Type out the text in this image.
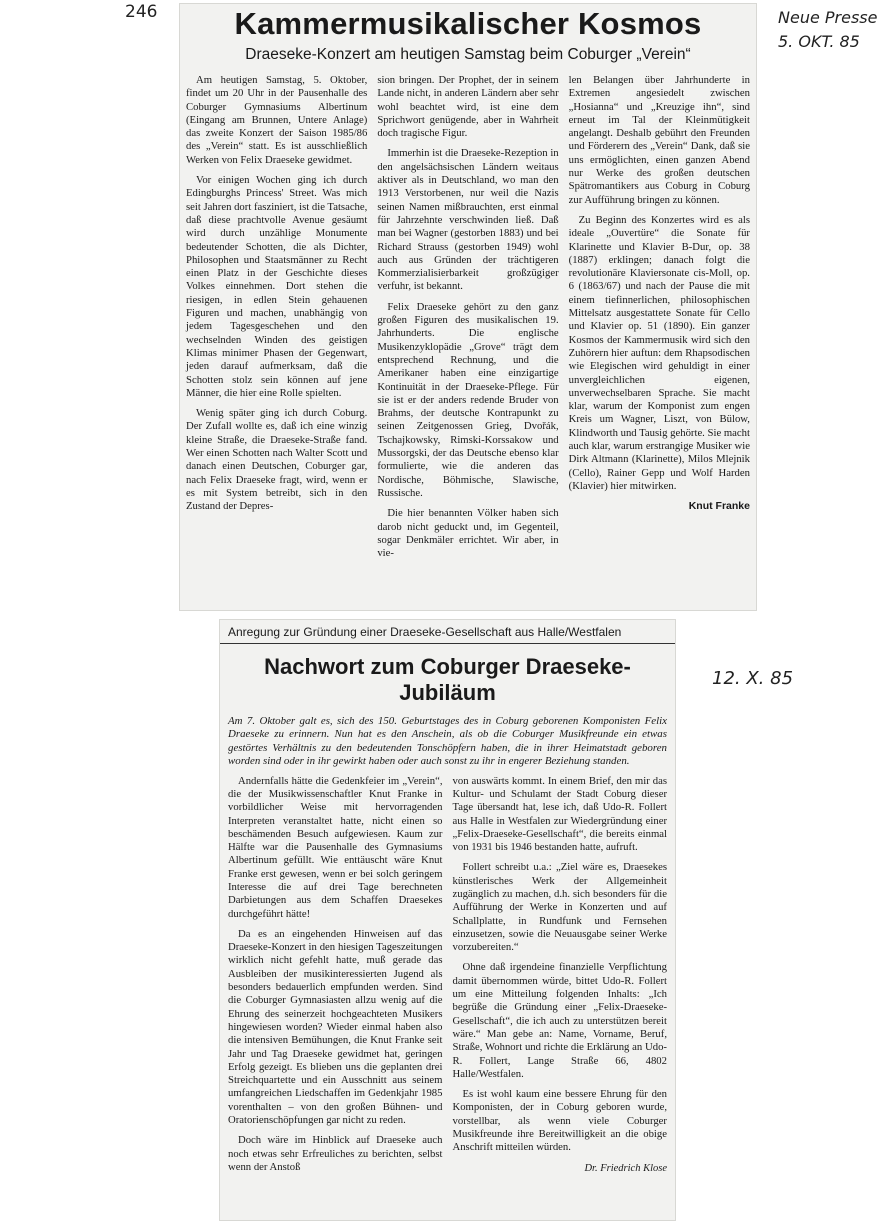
246	Neue Presse 5. OKT. 85
12. X. 85
Kammermusikalischer Kosmos
Draeseke-Konzert am heutigen Samstag beim Coburger „Verein“

Am heutigen Samstag, 5. Oktober, findet um 20 Uhr in der Pausenhalle des Coburger Gymnasiums Albertinum (Eingang am Brunnen, Untere Anlage) das zweite Konzert der Saison 1985/86 des „Verein“ statt. Es ist ausschließlich Werken von Felix Draeseke gewidmet.

Vor einigen Wochen ging ich durch Edingburghs Princess' Street. Was mich seit Jahren dort fasziniert, ist die Tatsache, daß diese prachtvolle Avenue gesäumt wird durch unzählige Monumente bedeutender Schotten, die als Dichter, Philosophen und Staatsmänner zu Recht einen Platz in der Geschichte dieses Volkes einnehmen. Dort stehen die riesigen, in edlen Stein gehauenen Figuren und machen, unabhängig von jedem Tagesgeschehen und den wechselnden Winden des geistigen Klimas minimer Phasen der Gegenwart, jeden darauf aufmerksam, daß die Schotten stolz sein können auf jene Männer, die hier eine Rolle spielten.

Wenig später ging ich durch Coburg. Der Zufall wollte es, daß ich eine winzig kleine Straße, die Draeseke-Straße fand. Wer einen Schotten nach Walter Scott und danach einen Deutschen, Coburger gar, nach Felix Draeseke fragt, wird, wenn er es mit System betreibt, sich in den Zustand der Depres-

sion bringen. Der Prophet, der in seinem Lande nicht, in anderen Ländern aber sehr wohl beachtet wird, ist eine dem Sprichwort genügende, aber in Wahrheit doch tragische Figur.

Immerhin ist die Draeseke-Rezeption in den angelsächsischen Ländern weitaus aktiver als in Deutschland, wo man den 1913 Verstorbenen, nur weil die Nazis seinen Namen mißbrauchten, erst einmal für Jahrzehnte verschwinden ließ. Daß man bei Wagner (gestorben 1883) und bei Richard Strauss (gestorben 1949) wohl auch aus Gründen der trächtigeren Kommerzialisierbarkeit großzügiger verfuhr, ist bekannt.

Felix Draeseke gehört zu den ganz großen Figuren des musikalischen 19. Jahrhunderts. Die englische Musikenzyklopädie „Grove“ trägt dem entsprechend Rechnung, und die Amerikaner haben eine einzigartige Kontinuität in der Draeseke-Pflege. Für sie ist er der anders redende Bruder von Brahms, der deutsche Kontrapunkt zu seinen Zeitgenossen Grieg, Dvořák, Tschajkowsky, Rimski-Korssakow und Mussorgski, der das Deutsche ebenso klar formulierte, wie die anderen das Nordische, Böhmische, Slawische, Russische.

Die hier benannten Völker haben sich darob nicht geduckt und, im Gegenteil, sogar Denkmäler errichtet. Wir aber, in vie-

len Belangen über Jahrhunderte in Extremen angesiedelt zwischen „Hosianna“ und „Kreuzige ihn“, sind erneut im Tal der Kleinmütigkeit angelangt. Deshalb gebührt den Freunden und Förderern des „Verein“ Dank, daß sie uns ermöglichten, einen ganzen Abend nur Werke des großen deutschen Spätromantikers aus Coburg in Coburg zur Aufführung bringen zu können.

Zu Beginn des Konzertes wird es als ideale „Ouvertüre“ die Sonate für Klarinette und Klavier B-Dur, op. 38 (1887) erklingen; danach folgt die revolutionäre Klaviersonate cis-Moll, op. 6 (1863/67) und nach der Pause die mit einem tiefinnerlichen, philosophischen Mittelsatz ausgestattete Sonate für Cello und Klavier op. 51 (1890). Ein ganzer Kosmos der Kammermusik wird sich den Zuhörern hier auftun: dem Rhapsodischen wie Elegischen wird gehuldigt in einer unvergleichlichen eigenen, unverwechselbaren Sprache. Sie macht klar, warum der Komponist zum engen Kreis um Wagner, Liszt, von Bülow, Klindworth und Tausig gehörte. Sie macht auch klar, warum erstrangige Musiker wie Dirk Altmann (Klarinette), Milos Mlejnik (Cello), Rainer Gepp und Wolf Harden (Klavier) hier mitwirken.

Knut Franke
Anregung zur Gründung einer Draeseke-Gesellschaft aus Halle/Westfalen
Nachwort zum Coburger Draeseke-Jubiläum
Am 7. Oktober galt es, sich des 150. Geburtstages des in Coburg geborenen Komponisten Felix Draeseke zu erinnern. Nun hat es den Anschein, als ob die Coburger Musikfreunde ein etwas gestörtes Verhältnis zu den bedeutenden Tonschöpfern haben, die in ihrer Heimatstadt geboren worden sind oder in ihr gewirkt haben oder auch sonst zu ihr in engerer Beziehung standen.

Andernfalls hätte die Gedenkfeier im „Verein“, die der Musikwissenschaftler Knut Franke in vorbildlicher Weise mit hervorragenden Interpreten veranstaltet hatte, nicht einen so beschämenden Besuch aufgewiesen. Kaum zur Hälfte war die Pausenhalle des Gymnasiums Albertinum gefüllt. Wie enttäuscht wäre Knut Franke erst gewesen, wenn er bei solch geringem Interesse die auf drei Tage berechneten Darbietungen aus dem Schaffen Draesekes durchgeführt hätte!

Da es an eingehenden Hinweisen auf das Draeseke-Konzert in den hiesigen Tageszeitungen wirklich nicht gefehlt hatte, muß gerade das Ausbleiben der musikinteressierten Jugend als besonders bedauerlich empfunden werden. Sind die Coburger Gymnasiasten allzu wenig auf die Ehrung des seinerzeit hochgeachteten Musikers hingewiesen worden? Wieder einmal haben also die intensiven Bemühungen, die Knut Franke seit Jahr und Tag Draeseke gewidmet hat, geringen Erfolg gezeigt. Es blieben uns die geplanten drei Streichquartette und ein Ausschnitt aus seinem umfangreichen Liedschaffen im Gedenkjahr 1985 vorenthalten – von den großen Bühnen- und Oratorienschöpfungen gar nicht zu reden.

Doch wäre im Hinblick auf Draeseke auch noch etwas sehr Erfreuliches zu berichten, selbst wenn der Anstoß

von auswärts kommt. In einem Brief, den mir das Kultur- und Schulamt der Stadt Coburg dieser Tage übersandt hat, lese ich, daß Udo-R. Follert aus Halle in Westfalen zur Wiedergründung einer „Felix-Draeseke-Gesellschaft“, die bereits einmal von 1931 bis 1946 bestanden hatte, aufruft.

Follert schreibt u.a.: „Ziel wäre es, Draesekes künstlerisches Werk der Allgemeinheit zugänglich zu machen, d.h. sich besonders für die Aufführung der Werke in Konzerten und auf Schallplatte, in Rundfunk und Fernsehen einzusetzen, sowie die Neuausgabe seiner Werke vorzubereiten.“

Ohne daß irgendeine finanzielle Verpflichtung damit übernommen würde, bittet Udo-R. Follert um eine Mitteilung folgenden Inhalts: „Ich begrüße die Gründung einer „Felix-Draeseke-Gesellschaft“, die ich auch zu unterstützen bereit wäre.“ Man gebe an: Name, Vorname, Beruf, Straße, Wohnort und richte die Erklärung an Udo-R. Follert, Lange Straße 66, 4802 Halle/Westfalen.

Es ist wohl kaum eine bessere Ehrung für den Komponisten, der in Coburg geboren wurde, vorstellbar, als wenn viele Coburger Musikfreunde ihre Bereitwilligkeit an die obige Anschrift mitteilen würden.

Dr. Friedrich Klose
